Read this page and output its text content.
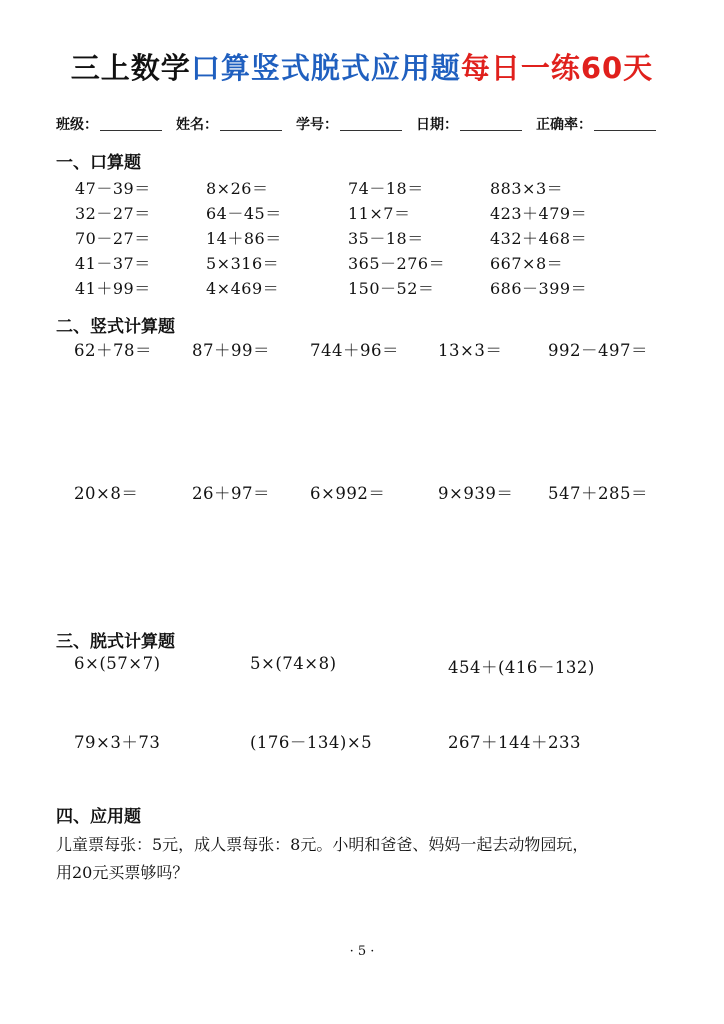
三上数学口算竖式脱式应用题每日一练60天
班级：	姓名：	学号：	日期：	正确率：
一、口算题
47－39＝	8×26＝	74－18＝	883×3＝
32－27＝	64－45＝	11×7＝	423＋479＝
70－27＝	14＋86＝	35－18＝	432＋468＝
41－37＝	5×316＝	365－276＝	667×8＝
41＋99＝	4×469＝	150－52＝	686－399＝
二、竖式计算题
62＋78＝ 87＋99＝ 744＋96＝ 13×3＝	992－497＝
20×8＝	26＋97＝ 6×992＝	9×939＝ 547＋285＝
三、脱式计算题
6×(57×7)	5×(74×8)	454＋(416－132)
79×3＋73	(176－134)×5	267＋144＋233
四、应用题
儿童票每张：5元，成人票每张：8元。小明和爸爸、妈妈一起去动物园玩，
用20元买票够吗？
· 5 ·
